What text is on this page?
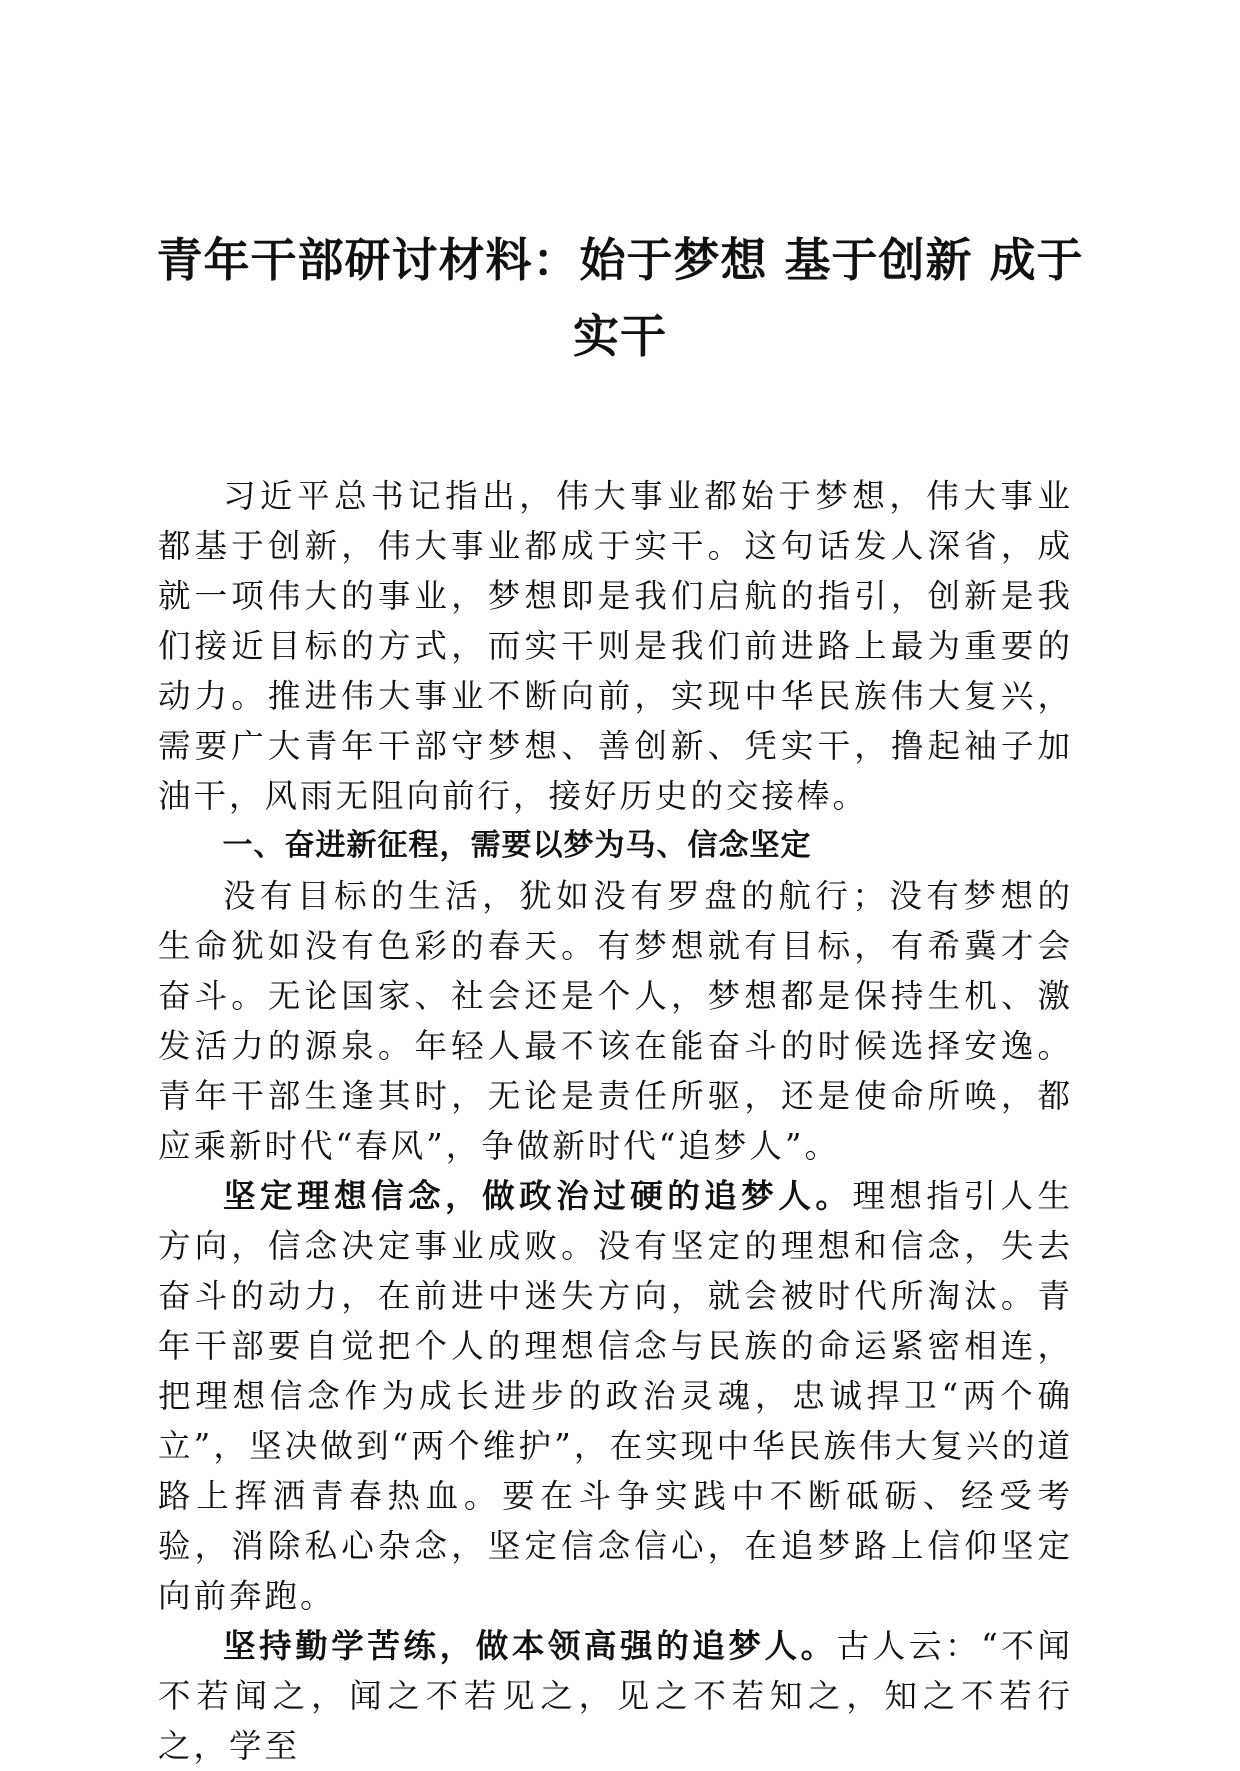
青年干部研讨材料：始于梦想 基于创新 成于
实干

习近平总书记指出，伟大事业都始于梦想，伟大事业都基于创新，伟大事业都成于实干。这句话发人深省，成就一项伟大的事业，梦想即是我们启航的指引，创新是我们接近目标的方式，而实干则是我们前进路上最为重要的动力。推进伟大事业不断向前，实现中华民族伟大复兴，需要广大青年干部守梦想、善创新、凭实干，撸起袖子加油干，风雨无阻向前行，接好历史的交接棒。

一、奋进新征程，需要以梦为马、信念坚定

没有目标的生活，犹如没有罗盘的航行；没有梦想的生命犹如没有色彩的春天。有梦想就有目标，有希冀才会奋斗。无论国家、社会还是个人，梦想都是保持生机、激发活力的源泉。年轻人最不该在能奋斗的时候选择安逸。青年干部生逢其时，无论是责任所驱，还是使命所唤，都应乘新时代“春风”，争做新时代“追梦人”。

坚定理想信念，做政治过硬的追梦人。理想指引人生方向，信念决定事业成败。没有坚定的理想和信念，失去奋斗的动力，在前进中迷失方向，就会被时代所淘汰。青年干部要自觉把个人的理想信念与民族的命运紧密相连，把理想信念作为成长进步的政治灵魂，忠诚捍卫“两个确立”，坚决做到“两个维护”，在实现中华民族伟大复兴的道路上挥洒青春热血。要在斗争实践中不断砥砺、经受考验，消除私心杂念，坚定信念信心，在追梦路上信仰坚定向前奔跑。

坚持勤学苦练，做本领高强的追梦人。古人云：“不闻不若闻之，闻之不若见之，见之不若知之，知之不若行之，学至
